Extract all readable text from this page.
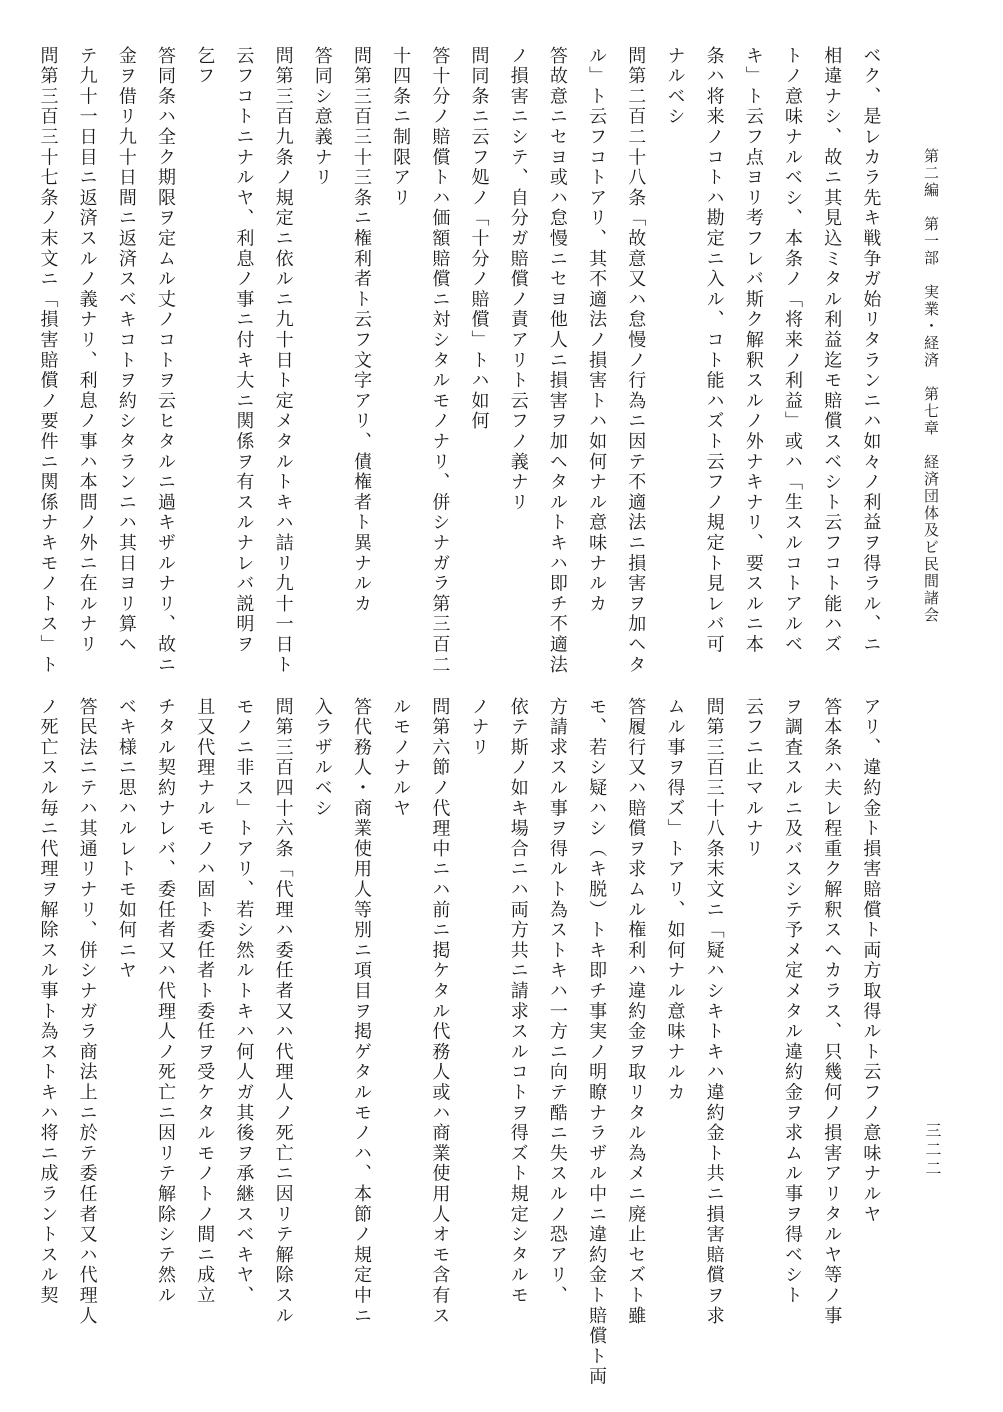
第二編　第一部　実業・経済　第七章　経済団体及ビ民間諸会
三二二
ベク、是レカラ先キ戦争ガ始リタランニハ如々ノ利益ヲ得ラル、ニ
相違ナシ、故ニ其見込ミタル利益迄モ賠償スベシト云フコト能ハズ
トノ意味ナルベシ、本条ノ「将来ノ利益」或ハ「生スルコトアルベ
キ」ト云フ点ヨリ考フレバ斯ク解釈スルノ外ナキナリ、要スルニ本
条ハ将来ノコトハ勘定ニ入ル、コト能ハズト云フノ規定ト見レバ可
ナルベシ
問第二百二十八条「故意又ハ怠慢ノ行為ニ因テ不適法ニ損害ヲ加ヘタ
ル」ト云フコトアリ、其不適法ノ損害トハ如何ナル意味ナルカ
答故意ニセヨ或ハ怠慢ニセヨ他人ニ損害ヲ加ヘタルトキハ即チ不適法
ノ損害ニシテ、自分ガ賠償ノ責アリト云フノ義ナリ
問同条ニ云フ処ノ「十分ノ賠償」トハ如何
答十分ノ賠償トハ価額賠償ニ対シタルモノナリ、併シナガラ第三百二
十四条ニ制限アリ
問第三百三十三条ニ権利者ト云フ文字アリ、債権者ト異ナルカ
答同シ意義ナリ
問第三百九条ノ規定ニ依ルニ九十日ト定メタルトキハ詰リ九十一日ト
云フコトニナルヤ、利息ノ事ニ付キ大ニ関係ヲ有スルナレバ説明ヲ
乞フ
答同条ハ全ク期限ヲ定ムル丈ノコトヲ云ヒタルニ過キザルナリ、故ニ
金ヲ借リ九十日間ニ返済スベキコトヲ約シタランニハ其日ヨリ算ヘ
テ九十一日目ニ返済スルノ義ナリ、利息ノ事ハ本問ノ外ニ在ルナリ
問第三百三十七条ノ末文ニ「損害賠償ノ要件ニ関係ナキモノトス」ト
アリ、違約金ト損害賠償ト両方取得ルト云フノ意味ナルヤ
答本条ハ夫レ程重ク解釈スヘカラス、只幾何ノ損害アリタルヤ等ノ事
ヲ調査スルニ及バスシテ予メ定メタル違約金ヲ求ムル事ヲ得ベシト
云フニ止マルナリ
問第三百三十八条末文ニ「疑ハシキトキハ違約金ト共ニ損害賠償ヲ求
ムル事ヲ得ズ」トアリ、如何ナル意味ナルカ
答履行又ハ賠償ヲ求ムル権利ハ違約金ヲ取リタル為メニ廃止セズト雖
モ、若シ疑ハシ（キ脱）トキ即チ事実ノ明瞭ナラザル中ニ違約金ト賠償ト両
方請求スル事ヲ得ルト為ストキハ一方ニ向テ酷ニ失スルノ恐アリ、
依テ斯ノ如キ場合ニハ両方共ニ請求スルコトヲ得ズト規定シタルモ
ノナリ
問第六節ノ代理中ニハ前ニ掲ケタル代務人或ハ商業使用人オモ含有ス
ルモノナルヤ
答代務人・商業使用人等別ニ項目ヲ掲ゲタルモノハ、本節ノ規定中ニ
入ラザルベシ
問第三百四十六条「代理ハ委任者又ハ代理人ノ死亡ニ因リテ解除スル
モノニ非ス」トアリ、若シ然ルトキハ何人ガ其後ヲ承継スベキヤ、
且又代理ナルモノハ固ト委任者ト委任ヲ受ケタルモノトノ間ニ成立
チタル契約ナレバ、委任者又ハ代理人ノ死亡ニ因リテ解除シテ然ル
ベキ様ニ思ハルレトモ如何ニヤ
答民法ニテハ其通リナリ、併シナガラ商法上ニ於テ委任者又ハ代理人
ノ死亡スル毎ニ代理ヲ解除スル事ト為ストキハ将ニ成ラントスル契
